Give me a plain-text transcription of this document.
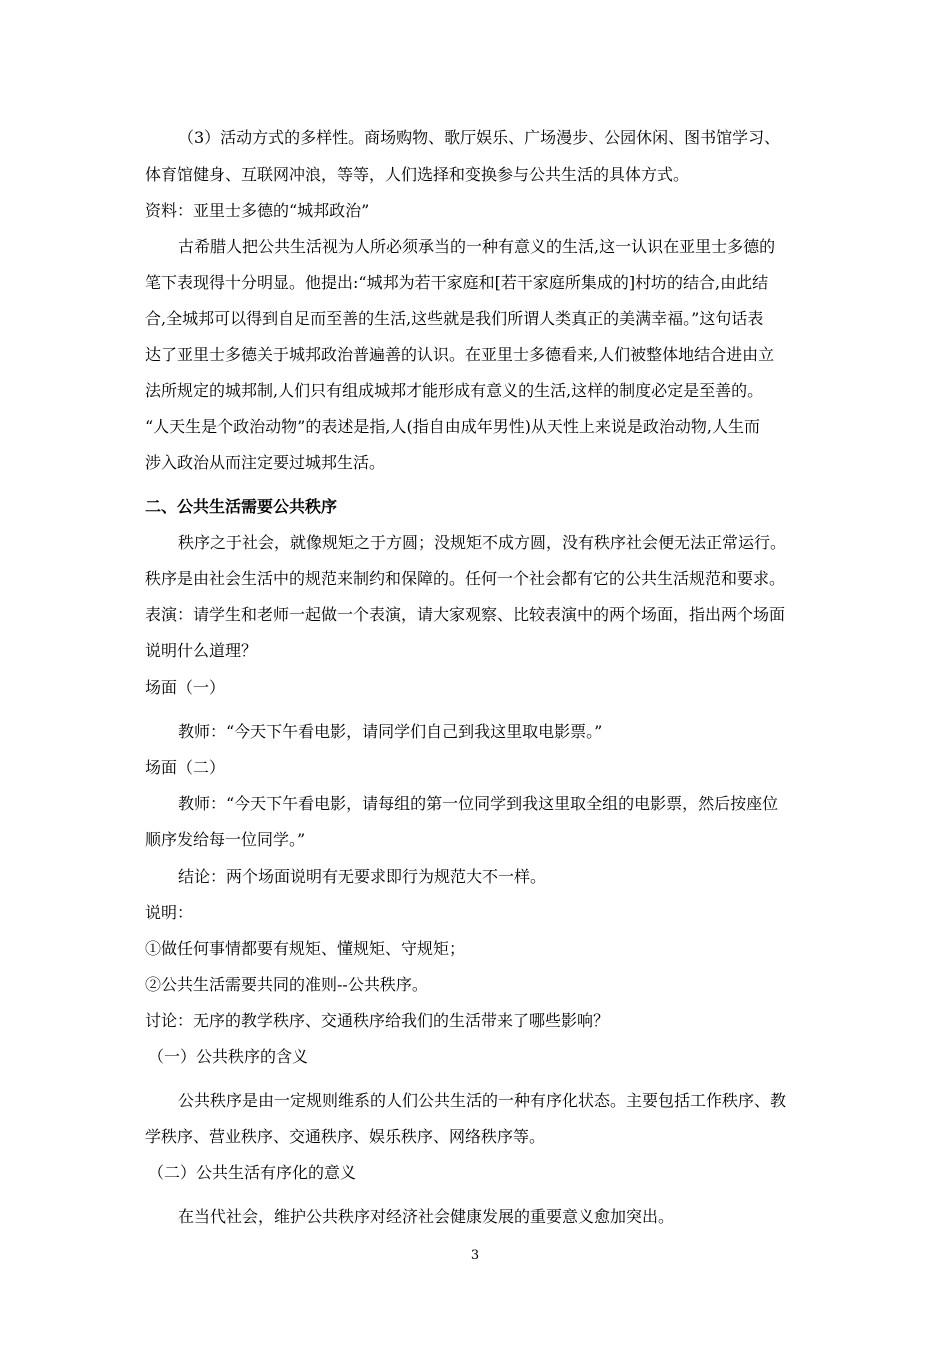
（3）活动方式的多样性。商场购物、歌厅娱乐、广场漫步、公园休闲、图书馆学习、
体育馆健身、互联网冲浪，等等，人们选择和变换参与公共生活的具体方式。
资料：亚里士多德的“城邦政治”
古希腊人把公共生活视为人所必须承当的一种有意义的生活,这一认识在亚里士多德的
笔下表现得十分明显。他提出:“城邦为若干家庭和[若干家庭所集成的]村坊的结合,由此结
合,全城邦可以得到自足而至善的生活,这些就是我们所谓人类真正的美满幸福。”这句话表
达了亚里士多德关于城邦政治普遍善的认识。在亚里士多德看来,人们被整体地结合进由立
法所规定的城邦制,人们只有组成城邦才能形成有意义的生活,这样的制度必定是至善的。
“人天生是个政治动物”的表述是指,人(指自由成年男性)从天性上来说是政治动物,人生而
涉入政治从而注定要过城邦生活。
二、公共生活需要公共秩序
秩序之于社会，就像规矩之于方圆；没规矩不成方圆，没有秩序社会便无法正常运行。
秩序是由社会生活中的规范来制约和保障的。任何一个社会都有它的公共生活规范和要求。
表演：请学生和老师一起做一个表演，请大家观察、比较表演中的两个场面，指出两个场面
说明什么道理？
场面（一）
教师：“今天下午看电影，请同学们自己到我这里取电影票。”
场面（二）
教师：“今天下午看电影，请每组的第一位同学到我这里取全组的电影票，然后按座位
顺序发给每一位同学。”
结论：两个场面说明有无要求即行为规范大不一样。
说明：
①做任何事情都要有规矩、懂规矩、守规矩；
②公共生活需要共同的准则--公共秩序。
讨论：无序的教学秩序、交通秩序给我们的生活带来了哪些影响？
（一）公共秩序的含义
公共秩序是由一定规则维系的人们公共生活的一种有序化状态。主要包括工作秩序、教
学秩序、营业秩序、交通秩序、娱乐秩序、网络秩序等。
（二）公共生活有序化的意义
在当代社会，维护公共秩序对经济社会健康发展的重要意义愈加突出。
3
